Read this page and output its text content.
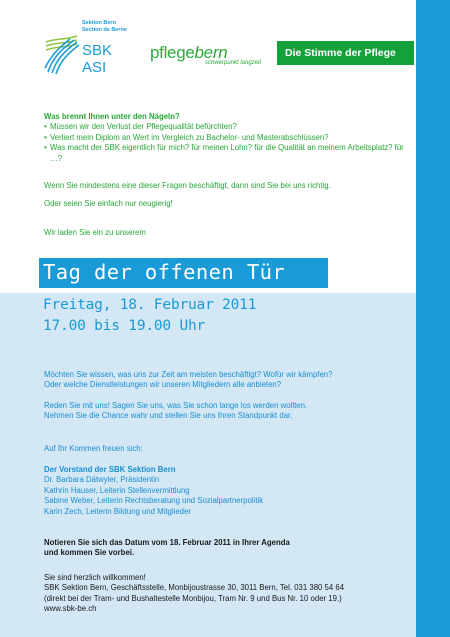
Sektion Bern
Section de Berne
SBK
ASI
pflegebern
schwerpunkt langzeit
Die Stimme der Pflege
Was brennt Ihnen unter den Nägeln?
• Müssen wir den Verlust der Pflegequalität befürchten?
• Verliert mein Diplom an Wert im Vergleich zu Bachelor- und Masterabschlüssen?
• Was macht der SBK eigentlich für mich? für meinen Lohn? für die Qualität an meinem Arbeitsplatz? für …?
Wenn Sie mindestens eine dieser Fragen beschäftigt, dann sind Sie bei uns richtig.
Oder seien Sie einfach nur neugierig!
Wir laden Sie ein zu unserem
Tag der offenen Tür
Freitag, 18. Februar 2011
17.00 bis 19.00 Uhr
Möchten Sie wissen, was uns zur Zeit am meisten beschäftigt? Wofür wir kämpfen?
Oder welche Dienstleistungen wir unseren Mitgliedern alle anbieten?
Reden Sie mit uns! Sagen Sie uns, was Sie schon lange los werden wollten.
Nehmen Sie die Chance wahr und stellen Sie uns Ihren Standpunkt dar.
Auf Ihr Kommen freuen sich:
Der Vorstand der SBK Sektion Bern
Dr. Barbara Dätwyler, Präsidentin
Kathrin Hauser, Leiterin Stellenvermittlung
Sabine Weber, Leiterin Rechtsberatung und Sozialpartnerpolitik
Karin Zech, Leiterin Bildung und Mitglieder
Notieren Sie sich das Datum vom 18. Februar 2011 in Ihrer Agenda
und kommen Sie vorbei.
Sie sind herzlich willkommen!
SBK Sektion Bern, Geschäftsstelle, Monbijoustrasse 30, 3011 Bern, Tel. 031 380 54 64
(direkt bei der Tram- und Bushaltestelle Monbijou, Tram Nr. 9 und Bus Nr. 10 oder 19.)
www.sbk-be.ch
